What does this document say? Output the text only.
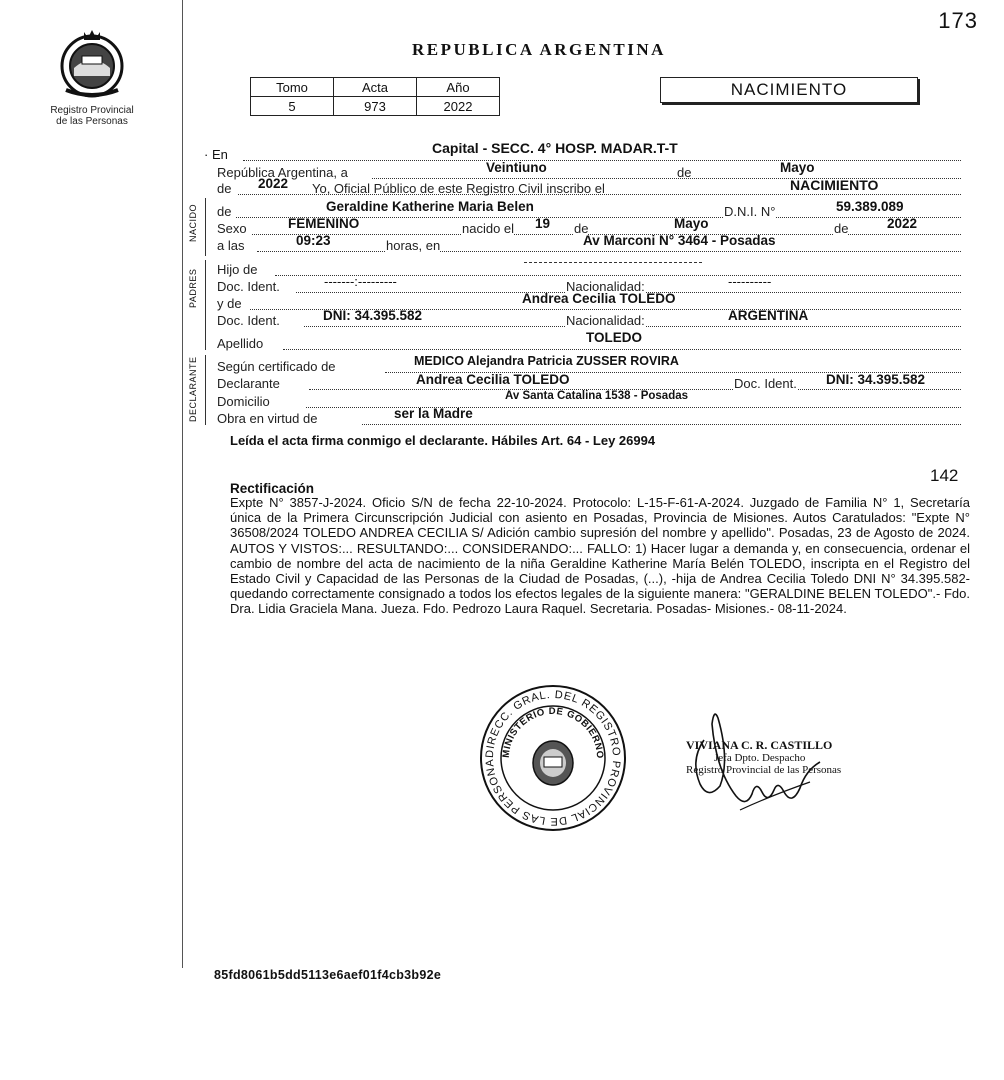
173
Registro Provincial
de las Personas
REPUBLICA ARGENTINA
Tomo	Acta	Año
5	973	2022
NACIMIENTO
· En	Capital - SECC. 4° HOSP. MADAR.T-T
República Argentina, a	Veintiuno	de	Mayo
de 2022 Yo, Oficial Público de este Registro Civil inscribo el	NACIMIENTO
NACIDO de	Geraldine Katherine Maria Belen	D.N.I. N°	59.389.089
Sexo	FEMENINO	nacido el 19 de	Mayo	de	2022
a las	09:23	horas, en	Av Marconi N° 3464 - Posadas
PADRES Hijo de
Doc. Ident.	-------:---------	Nacionalidad:	----------
y de	Andrea Cecilia TOLEDO
Doc. Ident.	DNI: 34.395.582	Nacionalidad:	ARGENTINA
Apellido	TOLEDO
DECLARANTE Según certificado de	MEDICO Alejandra Patricia ZUSSER ROVIRA
Declarante	Andrea Cecilia TOLEDO	Doc. Ident. DNI: 34.395.582
Domicilio	Av Santa Catalina 1538 - Posadas
Obra en virtud de	ser la Madre
Leída el acta firma conmigo el declarante. Hábiles Art. 64 - Ley 26994
142
Rectificación
Expte N° 3857-J-2024. Oficio S/N de fecha 22-10-2024. Protocolo: L-15-F-61-A-2024. Juzgado de Familia N° 1, Secretaría única de la Primera Circunscripción Judicial con asiento en Posadas, Provincia de Misiones. Autos Caratulados: "Expte N° 36508/2024 TOLEDO ANDREA CECILIA S/ Adición cambio supresión del nombre y apellido". Posadas, 23 de Agosto de 2024. AUTOS Y VISTOS:... RESULTANDO:... CONSIDERANDO:... FALLO: 1) Hacer lugar a demanda y, en consecuencia, ordenar el cambio de nombre del acta de nacimiento de la niña Geraldine Katherine María Belén TOLEDO, inscripta en el Registro del Estado Civil y Capacidad de las Personas de la Ciudad de Posadas, (...), -hija de Andrea Cecilia Toledo DNI N° 34.395.582- quedando correctamente consignado a todos los efectos legales de la siguiente manera: "GERALDINE BELEN TOLEDO".- Fdo. Dra. Lidia Graciela Mana. Jueza. Fdo. Pedrozo Laura Raquel. Secretaria. Posadas- Misiones.- 08-11-2024.
DIRECC. GRAL. DEL REGISTRO PROVINCIAL DE LAS PERSONA
MINISTERIO DE GOBIERNO
VIVIANA C. R. CASTILLO
Jefa Dpto. Despacho
Registro Provincial de las Personas
85fd8061b5dd5113e6aef01f4cb3b92e
